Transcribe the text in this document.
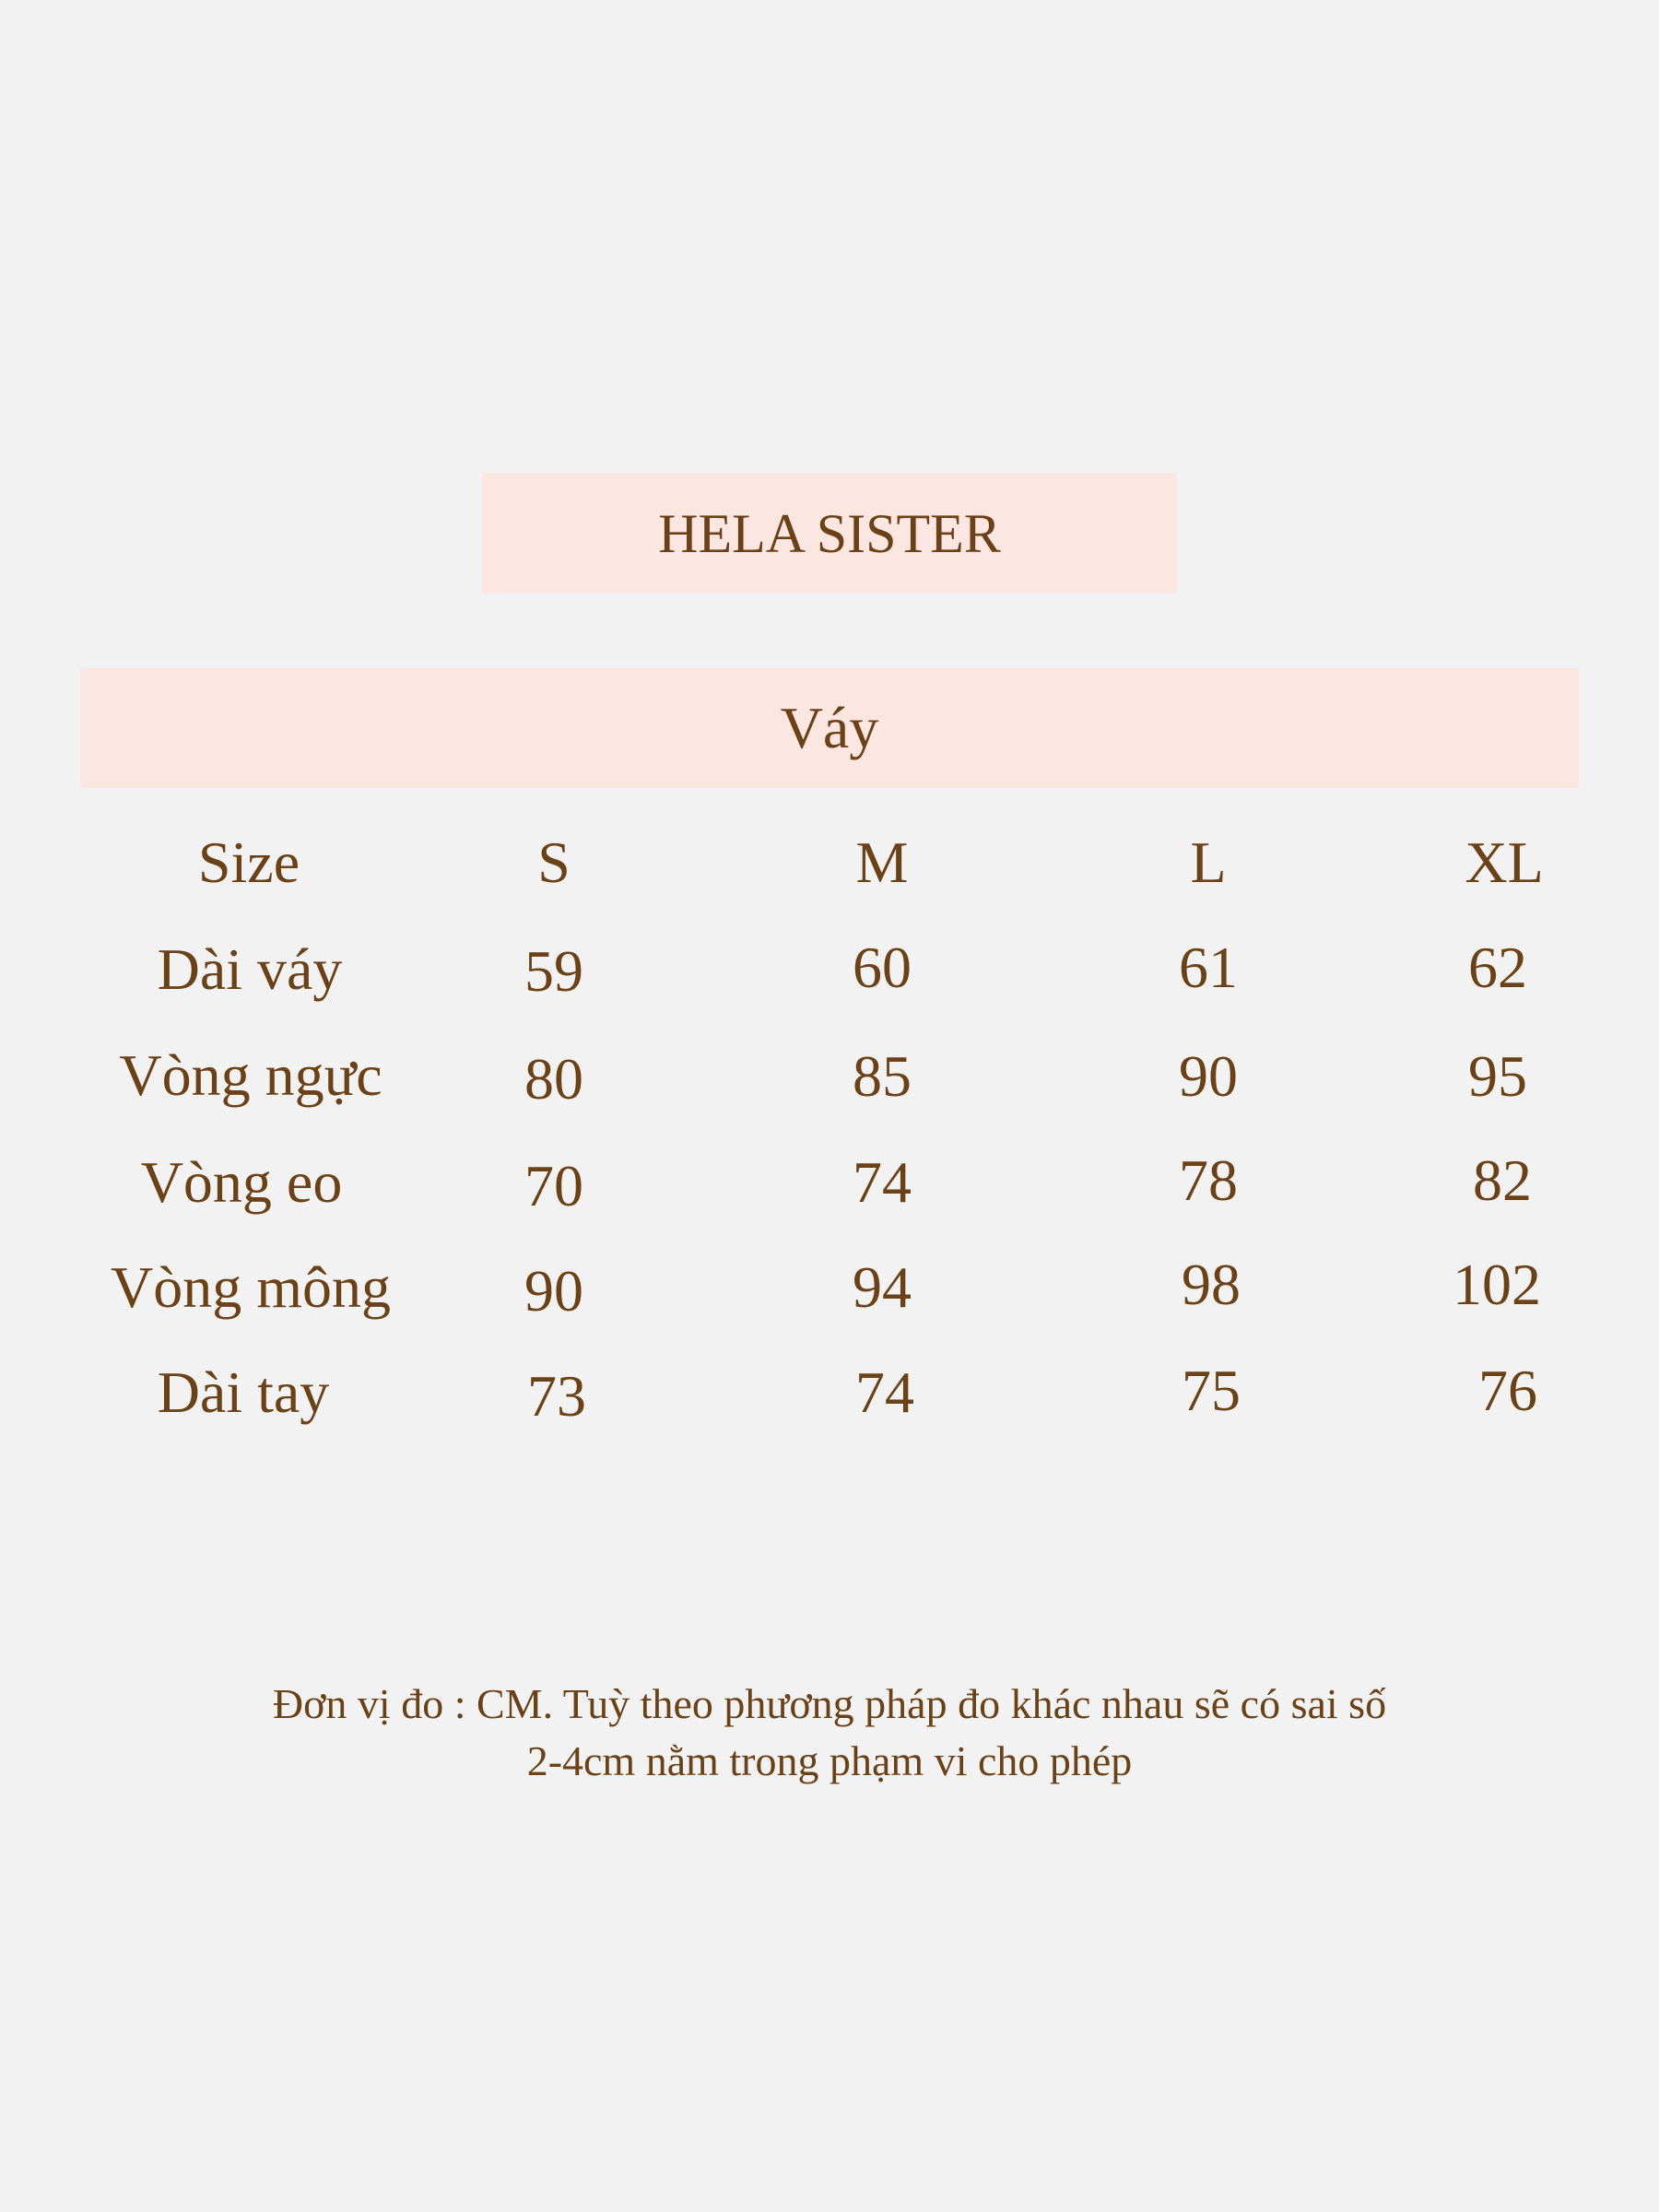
HELA SISTER
Váy
Size	S	M	L	XL
Dài váy	59	60	61	62
Vòng ngực 80	85	90	95
Vòng eo	70	74	78	82
Vòng mông 90	94	98	102
Dài tay	73	74	75	76
Đơn vị đo : CM. Tuỳ theo phương pháp đo khác nhau sẽ có sai số
2-4cm nằm trong phạm vi cho phép
